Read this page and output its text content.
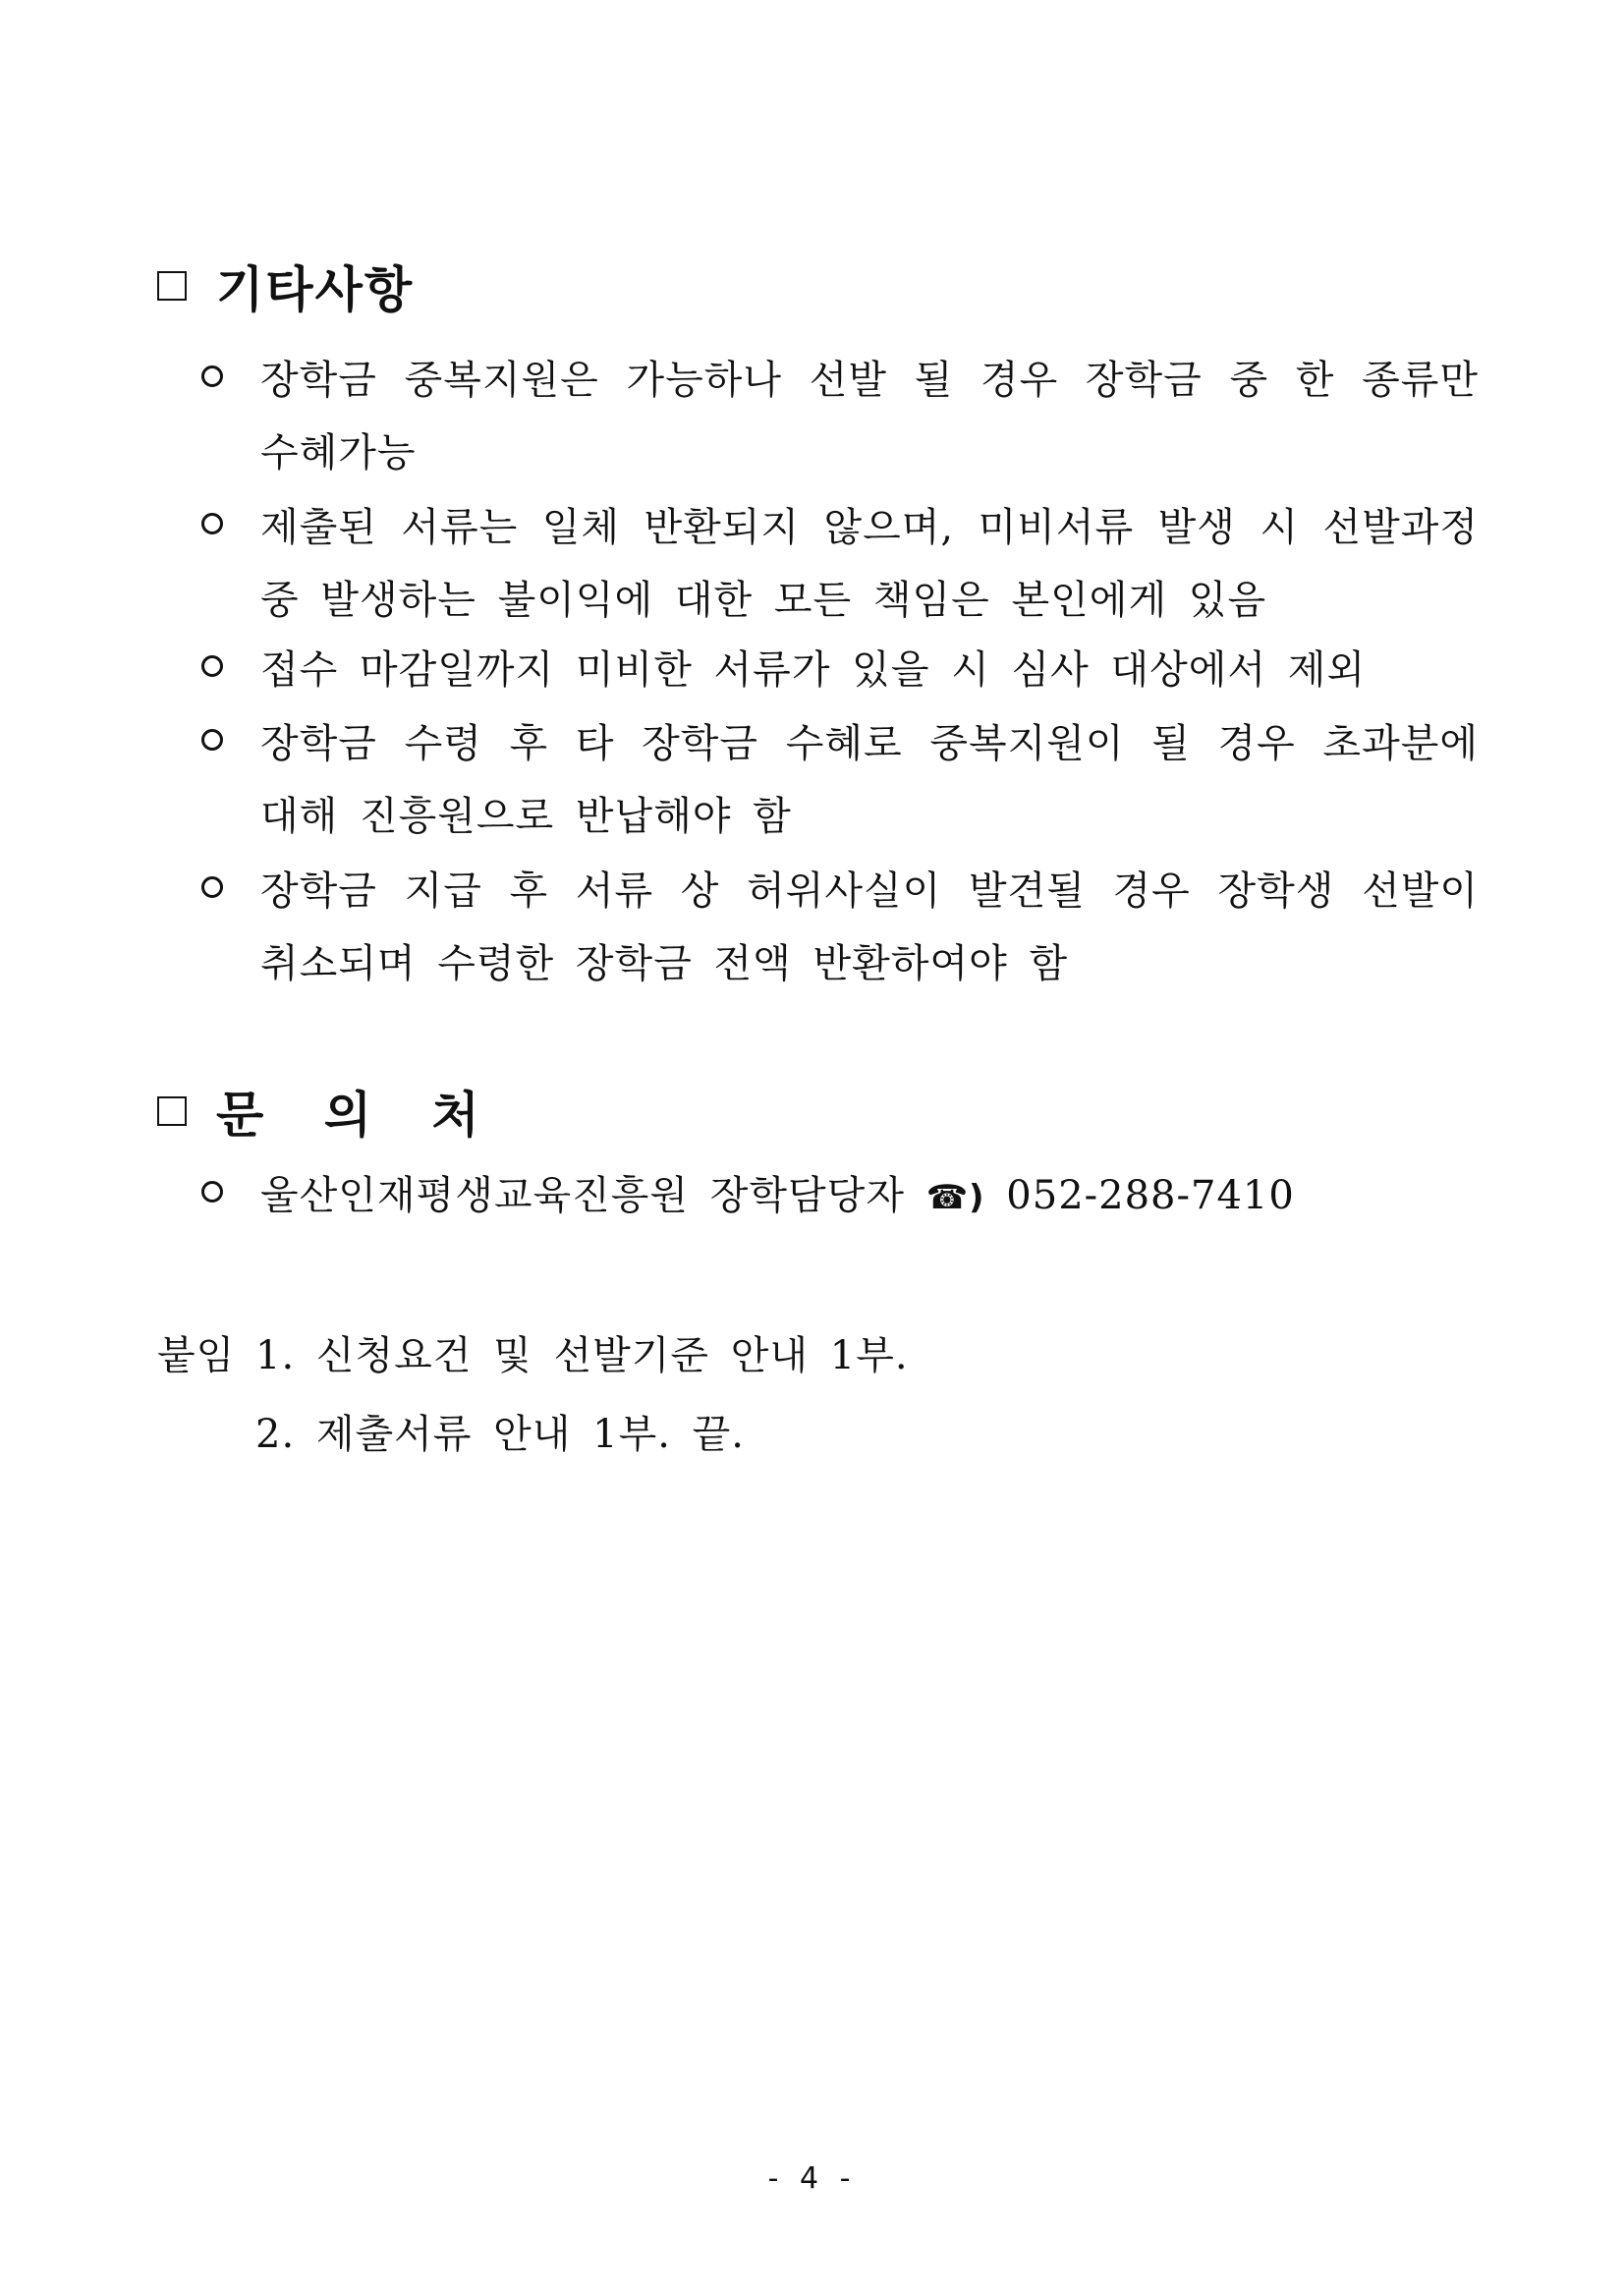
기타사항
장학금 중복지원은 가능하나 선발 될 경우 장학금 중 한 종류만 수혜가능
제출된 서류는 일체 반환되지 않으며, 미비서류 발생 시 선발과정 중 발생하는 불이익에 대한 모든 책임은 본인에게 있음
접수 마감일까지 미비한 서류가 있을 시 심사 대상에서 제외
장학금 수령 후 타 장학금 수혜로 중복지원이 될 경우 초과분에 대해 진흥원으로 반납해야 함
장학금 지급 후 서류 상 허위사실이 발견될 경우 장학생 선발이 취소되며 수령한 장학금 전액 반환하여야 함
문 의 처
울산인재평생교육진흥원 장학담당자 ☎) 052-288-7410
붙임 1. 신청요건 및 선발기준 안내 1부.
2. 제출서류 안내 1부. 끝.
- 4 -
